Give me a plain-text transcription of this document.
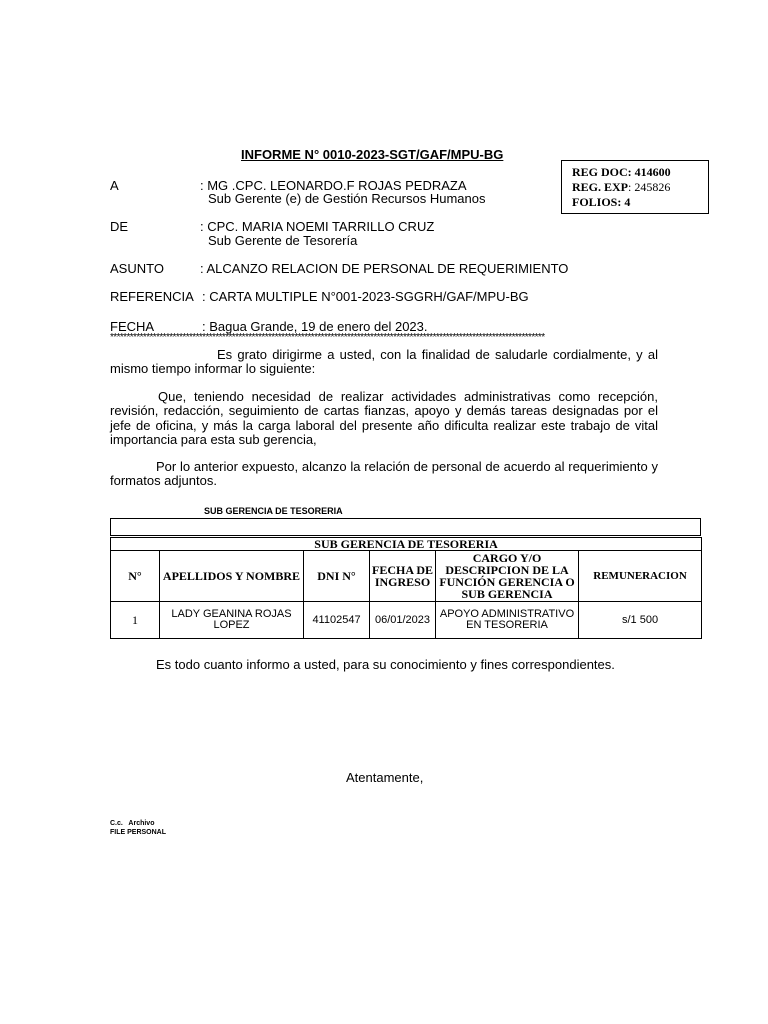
INFORME N° 0010-2023-SGT/GAF/MPU-BG
REG DOC: 414600
REG. EXP: 245826
FOLIOS: 4
A	: MG .CPC. LEONARDO.F ROJAS PEDRAZA
Sub Gerente (e) de Gestión Recursos Humanos
DE	: CPC. MARIA NOEMI TARRILLO CRUZ
Sub Gerente de Tesorería
ASUNTO	: ALCANZO RELACION DE PERSONAL DE REQUERIMIENTO
REFERENCIA : CARTA MULTIPLE N°001-2023-SGGRH/GAF/MPU-BG
FECHA	: Bagua Grande, 19 de enero del 2023.
************************************************************************************************************************************
Es grato dirigirme a usted, con la finalidad de saludarle cordialmente, y al mismo tiempo informar lo siguiente:
Que, teniendo necesidad de realizar actividades administrativas como recepción, revisión, redacción, seguimiento de cartas fianzas, apoyo y demás tareas designadas por el jefe de oficina, y más la carga laboral del presente año dificulta realizar este trabajo de vital importancia para esta sub gerencia,
Por lo anterior expuesto, alcanzo la relación de personal de acuerdo al requerimiento y formatos adjuntos.
SUB GERENCIA DE TESORERIA
SUB GERENCIA DE TESORERIA					
N°	APELLIDOS Y NOMBRE	DNI N°	FECHA DE INGRESO	CARGO Y/O DESCRIPCION DE LA FUNCIÓN GERENCIA O SUB GERENCIA	REMUNERACION
1	LADY GEANINA ROJAS LOPEZ	41102547	06/01/2023	APOYO ADMINISTRATIVO EN TESORERIA	s/1 500
Es todo cuanto informo a usted, para su conocimiento y fines correspondientes.
Atentamente,
C.c.   Archivo
FILE PERSONAL
